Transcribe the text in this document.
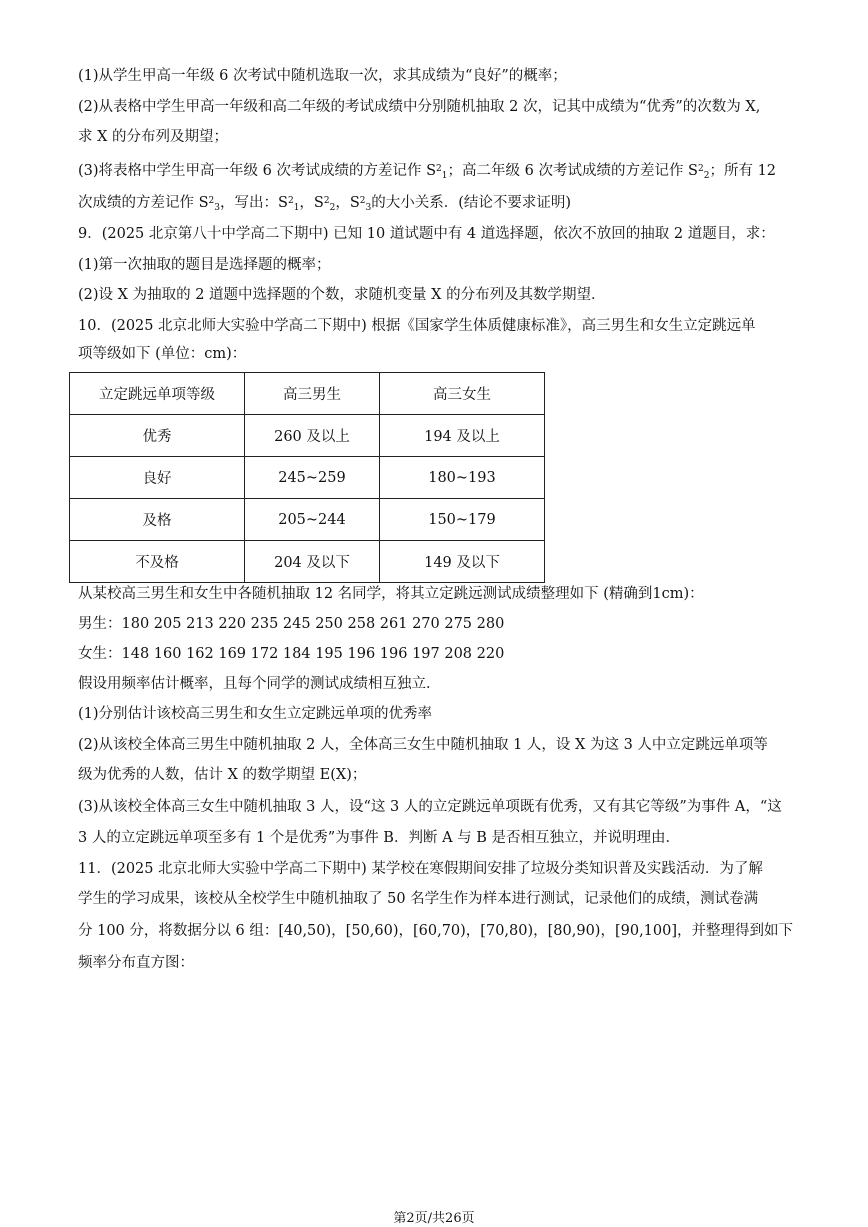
(1)从学生甲高一年级 6 次考试中随机选取一次，求其成绩为“良好”的概率；
(2)从表格中学生甲高一年级和高二年级的考试成绩中分别随机抽取 2 次，记其中成绩为“优秀”的次数为 X,
求 X 的分布列及期望；
(3)将表格中学生甲高一年级 6 次考试成绩的方差记作 S21；高二年级 6 次考试成绩的方差记作 S22；所有 12
次成绩的方差记作 S23，写出：S21，S22，S23的大小关系．(结论不要求证明)
9．(2025 北京第八十中学高二下期中) 已知 10 道试题中有 4 道选择题，依次不放回的抽取 2 道题目，求：
(1)第一次抽取的题目是选择题的概率；
(2)设 X 为抽取的 2 道题中选择题的个数，求随机变量 X 的分布列及其数学期望．
10．(2025 北京北师大实验中学高二下期中) 根据《国家学生体质健康标准》，高三男生和女生立定跳远单
项等级如下 (单位：cm)：
立定跳远单项等级	高三男生	高三女生
优秀	260 及以上	194 及以上
良好	245~259	180~193
及格	205~244	150~179
不及格	204 及以下	149 及以下
从某校高三男生和女生中各随机抽取 12 名同学，将其立定跳远测试成绩整理如下 (精确到1cm)：
男生：180 205 213 220 235 245 250 258 261 270 275 280
女生：148 160 162 169 172 184 195 196 196 197 208 220
假设用频率估计概率，且每个同学的测试成绩相互独立．
(1)分别估计该校高三男生和女生立定跳远单项的优秀率
(2)从该校全体高三男生中随机抽取 2 人，全体高三女生中随机抽取 1 人，设 X 为这 3 人中立定跳远单项等
级为优秀的人数，估计 X 的数学期望 E(X)；
(3)从该校全体高三女生中随机抽取 3 人，设“这 3 人的立定跳远单项既有优秀，又有其它等级”为事件 A，“这
3 人的立定跳远单项至多有 1 个是优秀”为事件 B．判断 A 与 B 是否相互独立，并说明理由．
11．(2025 北京北师大实验中学高二下期中) 某学校在寒假期间安排了垃圾分类知识普及实践活动．为了解
学生的学习成果，该校从全校学生中随机抽取了 50 名学生作为样本进行测试，记录他们的成绩，测试卷满
分 100 分，将数据分以 6 组：[40,50)，[50,60)，[60,70)，[70,80)，[80,90)，[90,100]，并整理得到如下
频率分布直方图：
第2页/共26页
